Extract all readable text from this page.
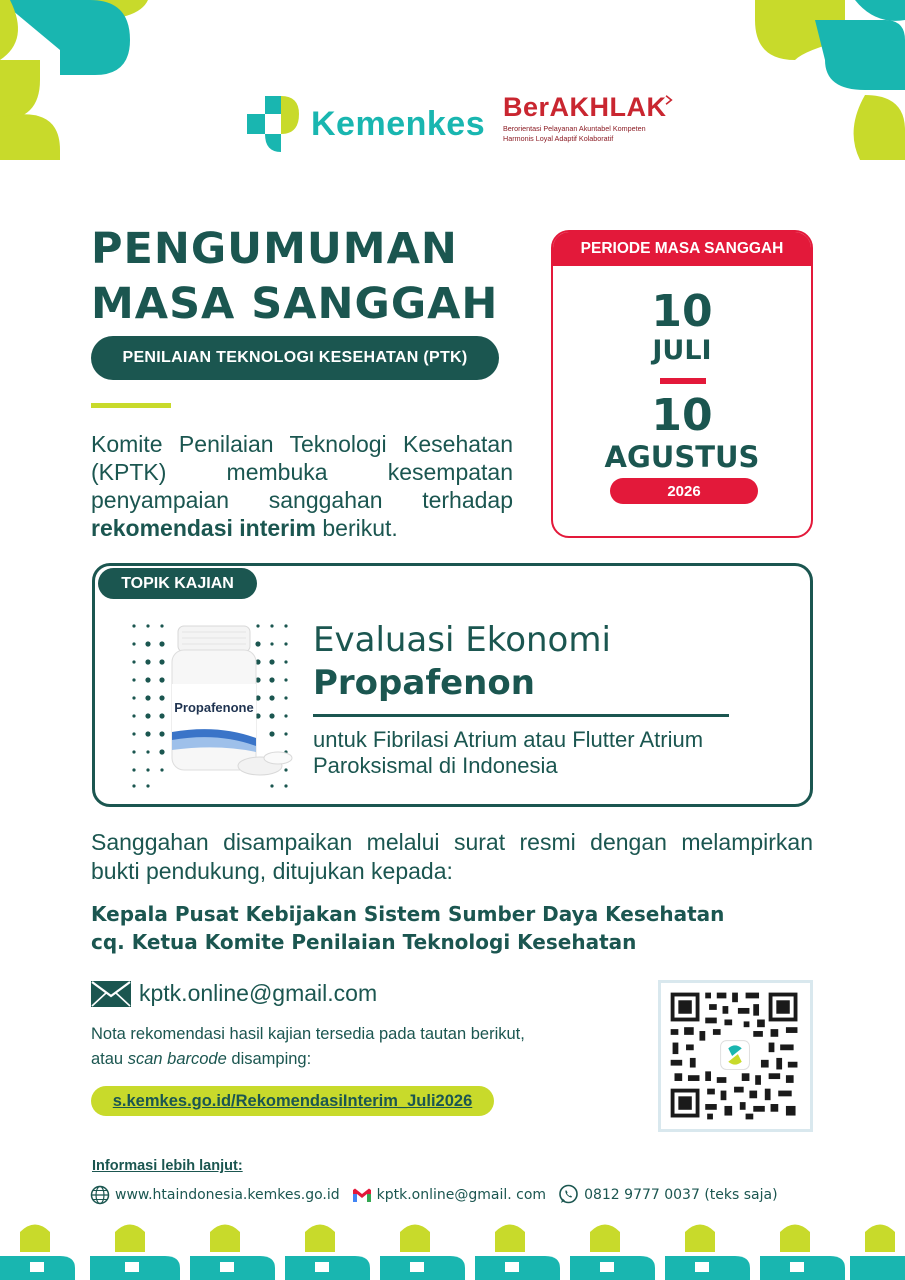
Kemenkes BerAKHLAK
Berorientasi Pelayanan Akuntabel Kompeten
Harmonis Loyal Adaptif Kolaboratif
PENGUMUMAN
MASA SANGGAH
PENILAIAN TEKNOLOGI KESEHATAN (PTK)
Komite Penilaian Teknologi Kesehatan (KPTK) membuka kesempatan penyampaian sanggahan terhadap rekomendasi interim berikut.
PERIODE MASA SANGGAH
10
JULI
10
AGUSTUS
2026
TOPIK KAJIAN
Propafenone
Evaluasi Ekonomi
Propafenon
untuk Fibrilasi Atrium atau Flutter Atrium Paroksismal di Indonesia
Sanggahan disampaikan melalui surat resmi dengan melampirkan bukti pendukung, ditujukan kepada:
Kepala Pusat Kebijakan Sistem Sumber Daya Kesehatan
cq. Ketua Komite Penilaian Teknologi Kesehatan
kptk.online@gmail.com
Nota rekomendasi hasil kajian tersedia pada tautan berikut,
atau scan barcode disamping:
s.kemkes.go.id/RekomendasiInterim_Juli2026
Informasi lebih lanjut:
www.htaindonesia.kemkes.go.id	kptk.online@gmail. com	0812 9777 0037 (teks saja)
